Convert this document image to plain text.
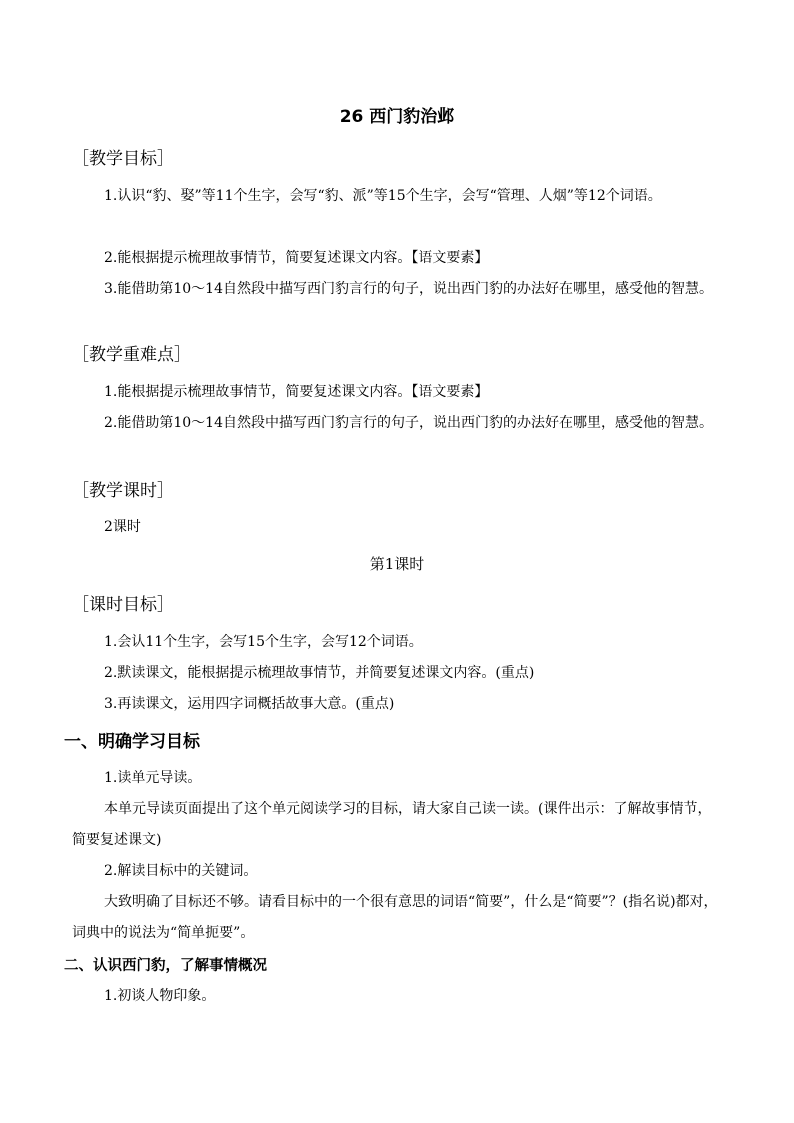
26 西门豹治邺
［教学目标］

1.认识“豹、娶”等11个生字，会写“豹、派”等15个生字，会写“管理、人烟”等12个词语。

2.能根据提示梳理故事情节，简要复述课文内容。【语文要素】

3.能借助第10～14自然段中描写西门豹言行的句子，说出西门豹的办法好在哪里，感受他的智慧。

［教学重难点］

1.能根据提示梳理故事情节，简要复述课文内容。【语文要素】

2.能借助第10～14自然段中描写西门豹言行的句子，说出西门豹的办法好在哪里，感受他的智慧。

［教学课时］

2课时

第1课时
［课时目标］

1.会认11个生字，会写15个生字，会写12个词语。

2.默读课文，能根据提示梳理故事情节，并简要复述课文内容。(重点)

3.再读课文，运用四字词概括故事大意。(重点)

一、明确学习目标

1.读单元导读。

本单元导读页面提出了这个单元阅读学习的目标，请大家自己读一读。(课件出示：了解故事情节，简要复述课文)

2.解读目标中的关键词。

大致明确了目标还不够。请看目标中的一个很有意思的词语“简要”，什么是“简要”？(指名说)都对，词典中的说法为“简单扼要”。

二、认识西门豹，了解事情概况

1.初谈人物印象。
